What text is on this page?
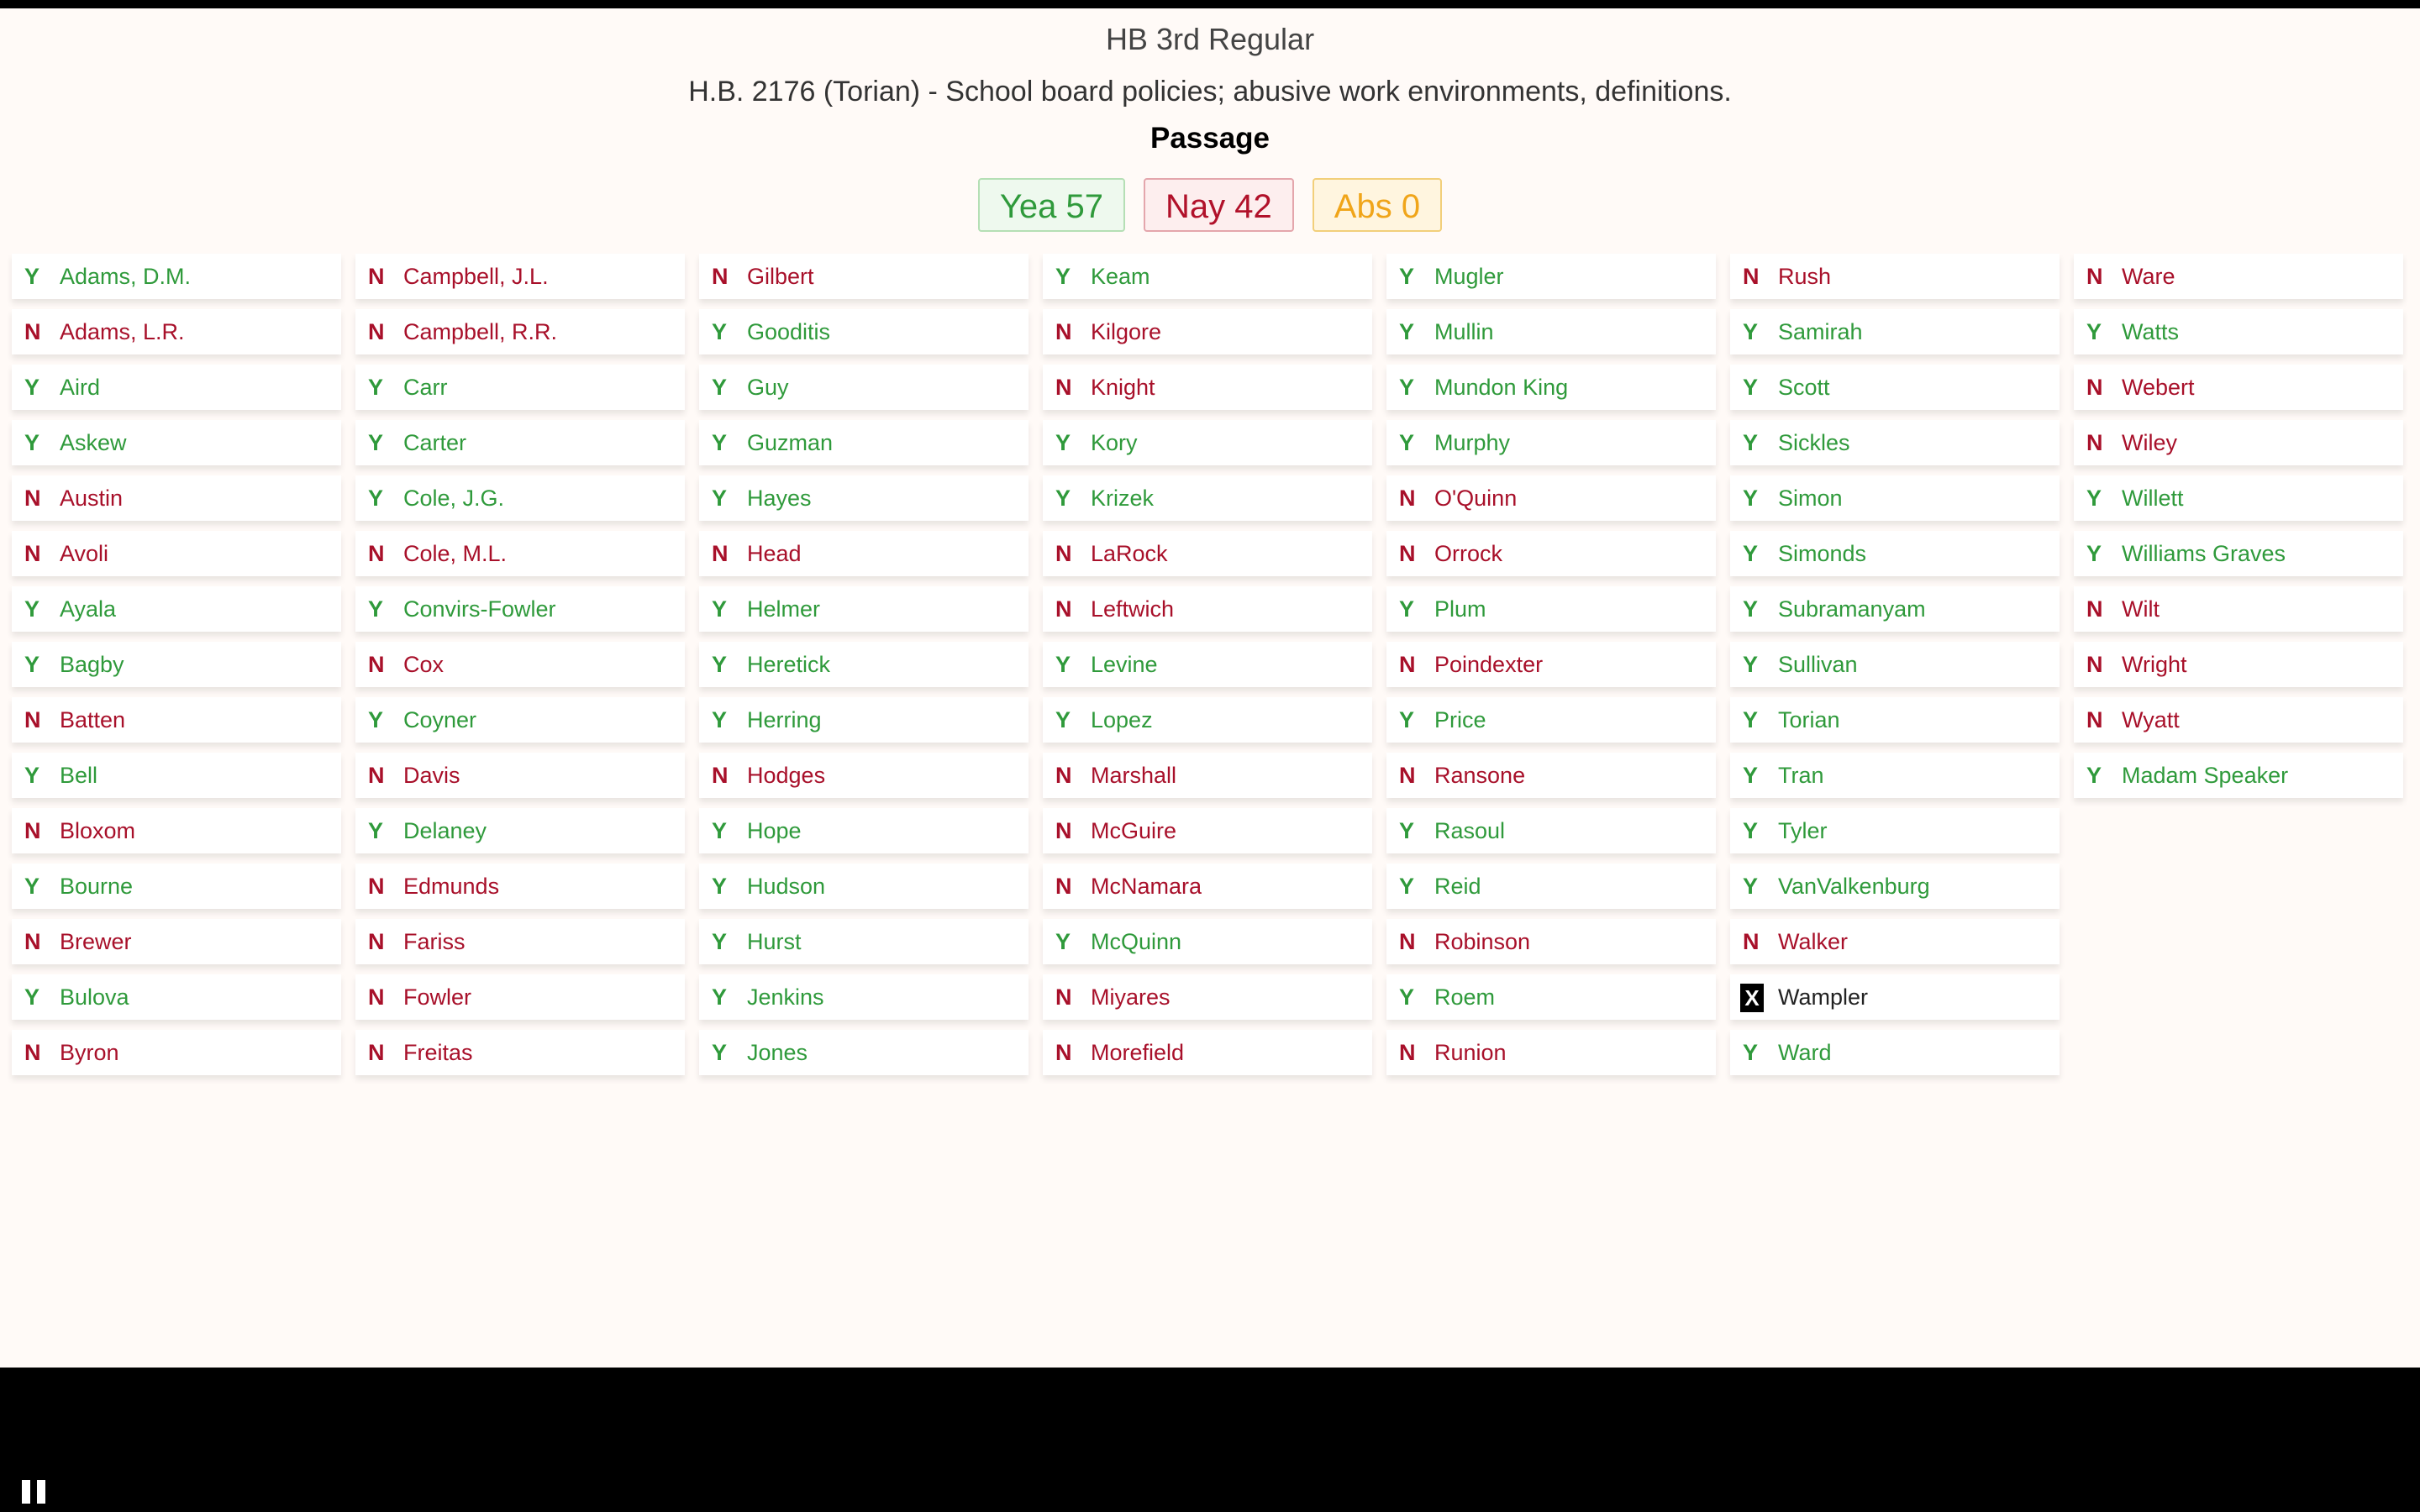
HB 3rd Regular
H.B. 2176 (Torian) - School board policies; abusive work environments, definitions.
Passage
Yea 57	Nay 42	Abs 0
Y Adams, D.M.
N Adams, L.R.
Y Aird
Y Askew
N Austin
N Avoli
Y Ayala
Y Bagby
N Batten
Y Bell
N Bloxom
Y Bourne
N Brewer
Y Bulova
N Byron
N Campbell, J.L.
N Campbell, R.R.
Y Carr
Y Carter
Y Cole, J.G.
N Cole, M.L.
Y Convirs-Fowler
N Cox
Y Coyner
N Davis
Y Delaney
N Edmunds
N Fariss
N Fowler
N Freitas
N Gilbert
Y Gooditis
Y Guy
Y Guzman
Y Hayes
N Head
Y Helmer
Y Heretick
Y Herring
N Hodges
Y Hope
Y Hudson
Y Hurst
Y Jenkins
Y Jones
Y Keam
N Kilgore
N Knight
Y Kory
Y Krizek
N LaRock
N Leftwich
Y Levine
Y Lopez
N Marshall
N McGuire
N McNamara
Y McQuinn
N Miyares
N Morefield
Y Mugler
Y Mullin
Y Mundon King
Y Murphy
N O'Quinn
N Orrock
Y Plum
N Poindexter
Y Price
N Ransone
Y Rasoul
Y Reid
N Robinson
Y Roem
N Runion
N Rush
Y Samirah
Y Scott
Y Sickles
Y Simon
Y Simonds
Y Subramanyam
Y Sullivan
Y Torian
Y Tran
Y Tyler
Y VanValkenburg
N Walker
X Wampler
Y Ward
N Ware
Y Watts
N Webert
N Wiley
Y Willett
Y Williams Graves
N Wilt
N Wright
N Wyatt
Y Madam Speaker
